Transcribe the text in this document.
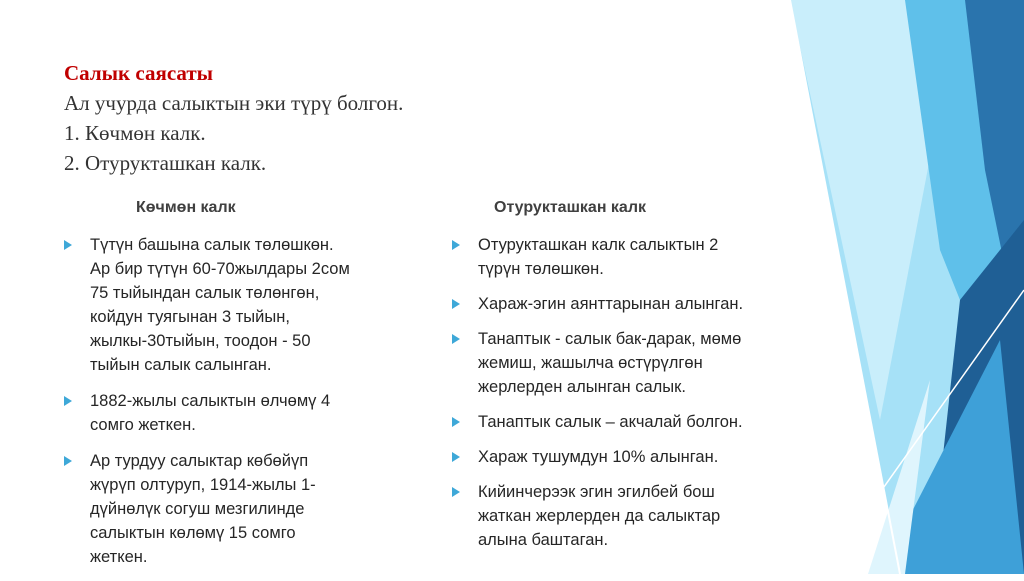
Салык саясаты
Ал учурда салыктын эки түрү болгон.
1. Көчмөн калк.
2. Отурукташкан калк.
Көчмөн калк	Отурукташкан калк
Түтүн башына салык төлөшкөн.
Ар бир түтүн 60-70жылдары 2сом
75 тыйындан салык төлөнгөн,
койдун туягынан 3 тыйын,
жылкы-30тыйын, тоодон - 50
тыйын салык салынган.
1882-жылы салыктын өлчөмү 4
сомго жеткен.
Ар турдуу салыктар көбөйүп
жүрүп олтуруп, 1914-жылы 1-
дүйнөлүк согуш мезгилинде
салыктын көлөмү 15 сомго
жеткен.
Отурукташкан калк салыктын 2
түрүн төлөшкөн.
Хараж-эгин аянттарынан алынган.
Танаптык - салык бак-дарак, мөмө
жемиш, жашылча өстүрүлгөн
жерлерден алынган салык.
Танаптык салык – акчалай болгон.
Хараж тушумдун 10% алынган.
Кийинчерээк эгин эгилбей бош
жаткан жерлерден да салыктар
алына баштаган.
